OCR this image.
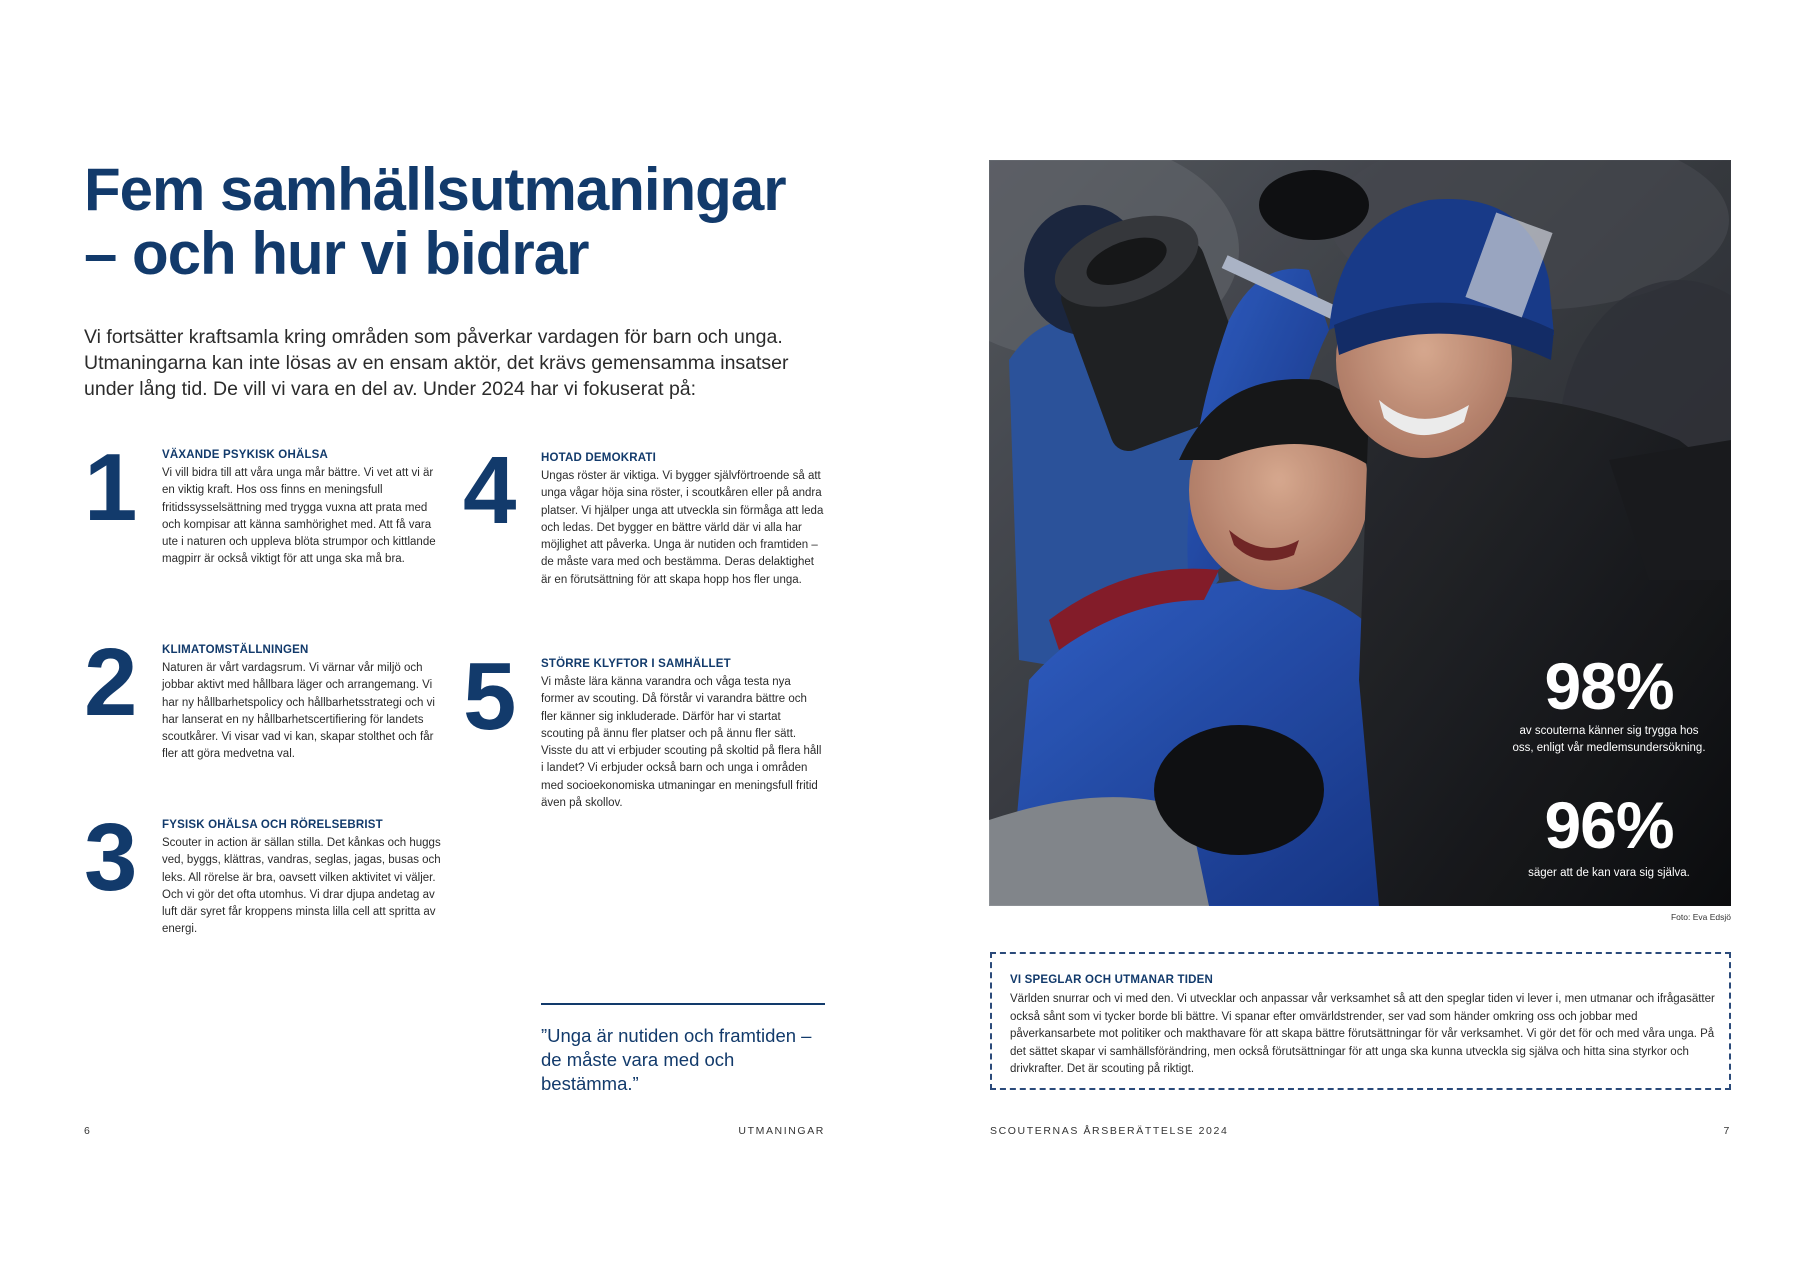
Fem samhällsutmaningar
– och hur vi bidrar

Vi fortsätter kraftsamla kring områden som påverkar vardagen för barn och unga. Utmaningarna kan inte lösas av en ensam aktör, det krävs gemensamma insatser under lång tid. De vill vi vara en del av. Under 2024 har vi fokuserat på:

1 VÄXANDE PSYKISK OHÄLSA

Vi vill bidra till att våra unga mår bättre. Vi vet att vi är en viktig kraft. Hos oss finns en meningsfull fritidssysselsättning med trygga vuxna att prata med och kompisar att känna samhörighet med. Att få vara ute i naturen och uppleva blöta strumpor och kittlande magpirr är också viktigt för att unga ska må bra.

2 KLIMATOMSTÄLLNINGEN

Naturen är vårt vardagsrum. Vi värnar vår miljö och jobbar aktivt med hållbara läger och arrangemang. Vi har ny hållbarhetspolicy och hållbarhetsstrategi och vi har lanserat en ny hållbarhetscertifiering för landets scoutkårer. Vi visar vad vi kan, skapar stolthet och får fler att göra medvetna val.

3 FYSISK OHÄLSA OCH RÖRELSEBRIST

Scouter in action är sällan stilla. Det kånkas och huggs ved, byggs, klättras, vandras, seglas, jagas, busas och leks. All rörelse är bra, oavsett vilken aktivitet vi väljer. Och vi gör det ofta utomhus. Vi drar djupa andetag av luft där syret får kroppens minsta lilla cell att spritta av energi.

4 HOTAD DEMOKRATI

Ungas röster är viktiga. Vi bygger självförtroende så att unga vågar höja sina röster, i scoutkåren eller på andra platser. Vi hjälper unga att utveckla sin förmåga att leda och ledas. Det bygger en bättre värld där vi alla har möjlighet att påverka. Unga är nutiden och framtiden – de måste vara med och bestämma. Deras delaktighet är en förutsättning för att skapa hopp hos fler unga.

5 STÖRRE KLYFTOR I SAMHÄLLET

Vi måste lära känna varandra och våga testa nya former av scouting. Då förstår vi varandra bättre och fler känner sig inkluderade. Därför har vi startat scouting på ännu fler platser och på ännu fler sätt. Visste du att vi erbjuder scouting på skoltid på flera håll i landet? Vi erbjuder också barn och unga i områden med socioekonomiska utmaningar en meningsfull fritid även på skollov.

”Unga är nutiden och framtiden – de måste vara med och bestämma.”

6	UTMANINGAR
98%
av scouterna känner sig trygga hos oss, enligt vår medlemsundersökning.
96%
säger att de kan vara sig själva.
Foto: Eva Edsjö
VI SPEGLAR OCH UTMANAR TIDEN

Världen snurrar och vi med den. Vi utvecklar och anpassar vår verksamhet så att den speglar tiden vi lever i, men utmanar och ifrågasätter också sånt som vi tycker borde bli bättre. Vi spanar efter omvärldstrender, ser vad som händer omkring oss och jobbar med påverkansarbete mot politiker och makthavare för att skapa bättre förutsättningar för vår verksamhet. Vi gör det för och med våra unga. På det sättet skapar vi samhällsförändring, men också förutsättningar för att unga ska kunna utveckla sig själva och hitta sina styrkor och drivkrafter. Det är scouting på riktigt.

SCOUTERNAS ÅRSBERÄTTELSE 2024	7
